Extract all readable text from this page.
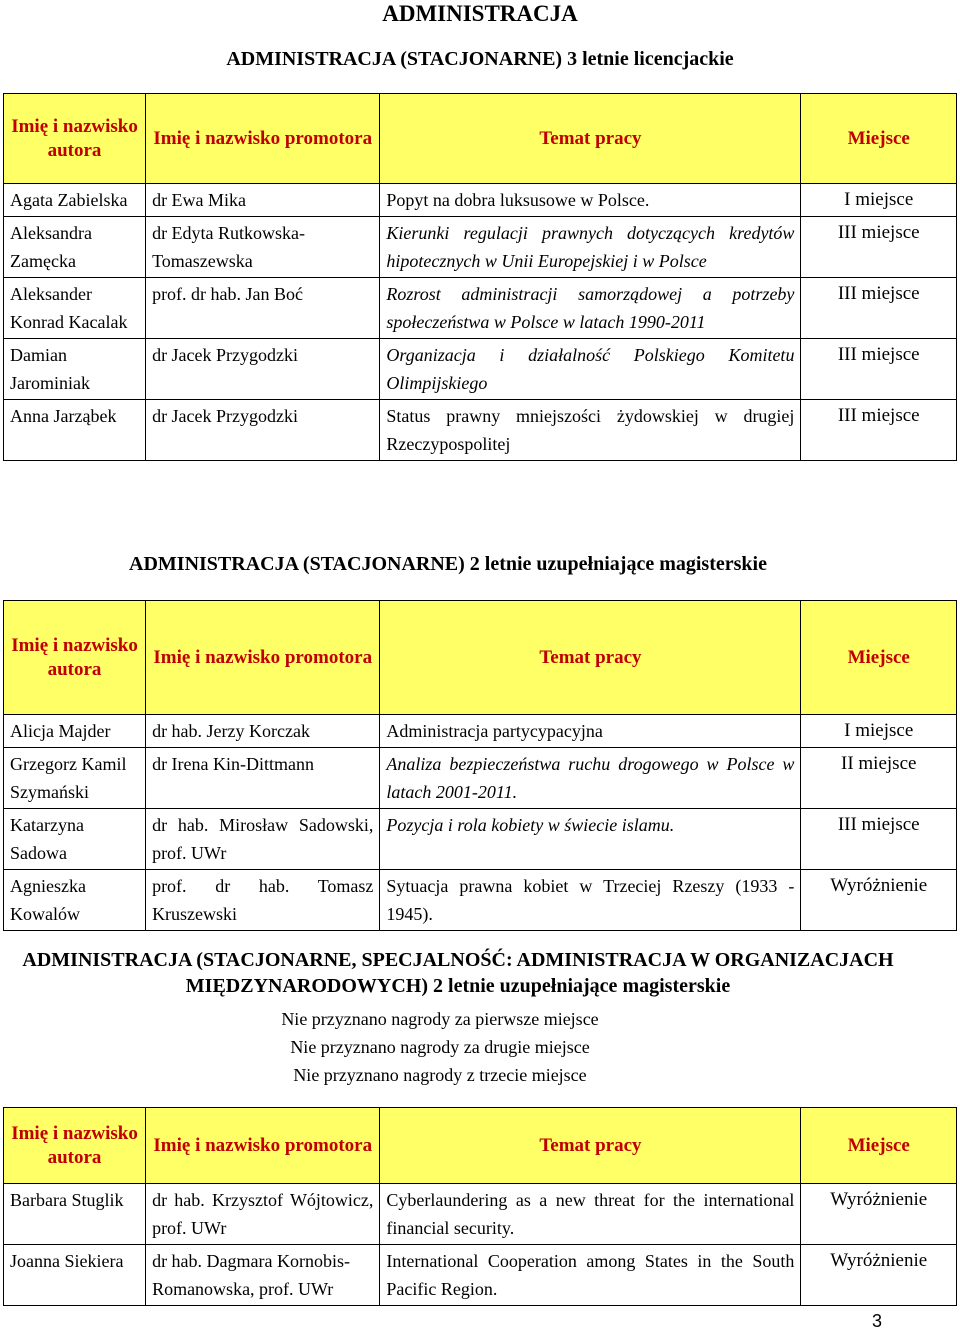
ADMINISTRACJA
ADMINISTRACJA (STACJONARNE) 3 letnie licencjackie
Imię i nazwisko autora	Imię i nazwisko promotora	Temat pracy	Miejsce
Agata Zabielska	dr Ewa Mika	Popyt na dobra luksusowe w Polsce.	I miejsce
Aleksandra Zamęcka	dr Edyta Rutkowska-Tomaszewska	Kierunki regulacji prawnych dotyczących kredytów hipotecznych w Unii Europejskiej i w Polsce	III miejsce
Aleksander Konrad Kacalak	prof. dr hab. Jan Boć	Rozrost administracji samorządowej a potrzeby społeczeństwa w Polsce w latach 1990-2011	III miejsce
Damian Jarominiak	dr Jacek Przygodzki	Organizacja i działalność Polskiego Komitetu Olimpijskiego	III miejsce
Anna Jarząbek	dr Jacek Przygodzki	Status prawny mniejszości żydowskiej w drugiej Rzeczypospolitej	III miejsce
ADMINISTRACJA (STACJONARNE) 2 letnie uzupełniające magisterskie
Imię i nazwisko autora	Imię i nazwisko promotora	Temat pracy	Miejsce
Alicja Majder	dr hab. Jerzy Korczak	Administracja partycypacyjna	I miejsce
Grzegorz Kamil Szymański	dr Irena Kin-Dittmann	Analiza bezpieczeństwa ruchu drogowego w Polsce w latach 2001-2011.	II miejsce
Katarzyna Sadowa	dr hab. Mirosław Sadowski, prof. UWr	Pozycja i rola kobiety w świecie islamu.	III miejsce
Agnieszka Kowalów	prof. dr hab. Tomasz Kruszewski	Sytuacja prawna kobiet w Trzeciej Rzeszy (1933 - 1945).	Wyróżnienie
ADMINISTRACJA (STACJONARNE, SPECJALNOŚĆ: ADMINISTRACJA W ORGANIZACJACH MIĘDZYNARODOWYCH) 2 letnie uzupełniające magisterskie
Nie przyznano nagrody za pierwsze miejsce
Nie przyznano nagrody za drugie miejsce
Nie przyznano nagrody z trzecie miejsce
Imię i nazwisko autora	Imię i nazwisko promotora	Temat pracy	Miejsce
Barbara Stuglik	dr hab. Krzysztof Wójtowicz, prof. UWr	Cyberlaundering as a new threat for the international financial security.	Wyróżnienie
Joanna Siekiera	dr hab. Dagmara Kornobis-Romanowska, prof. UWr	International Cooperation among States in the South Pacific Region.	Wyróżnienie
3
